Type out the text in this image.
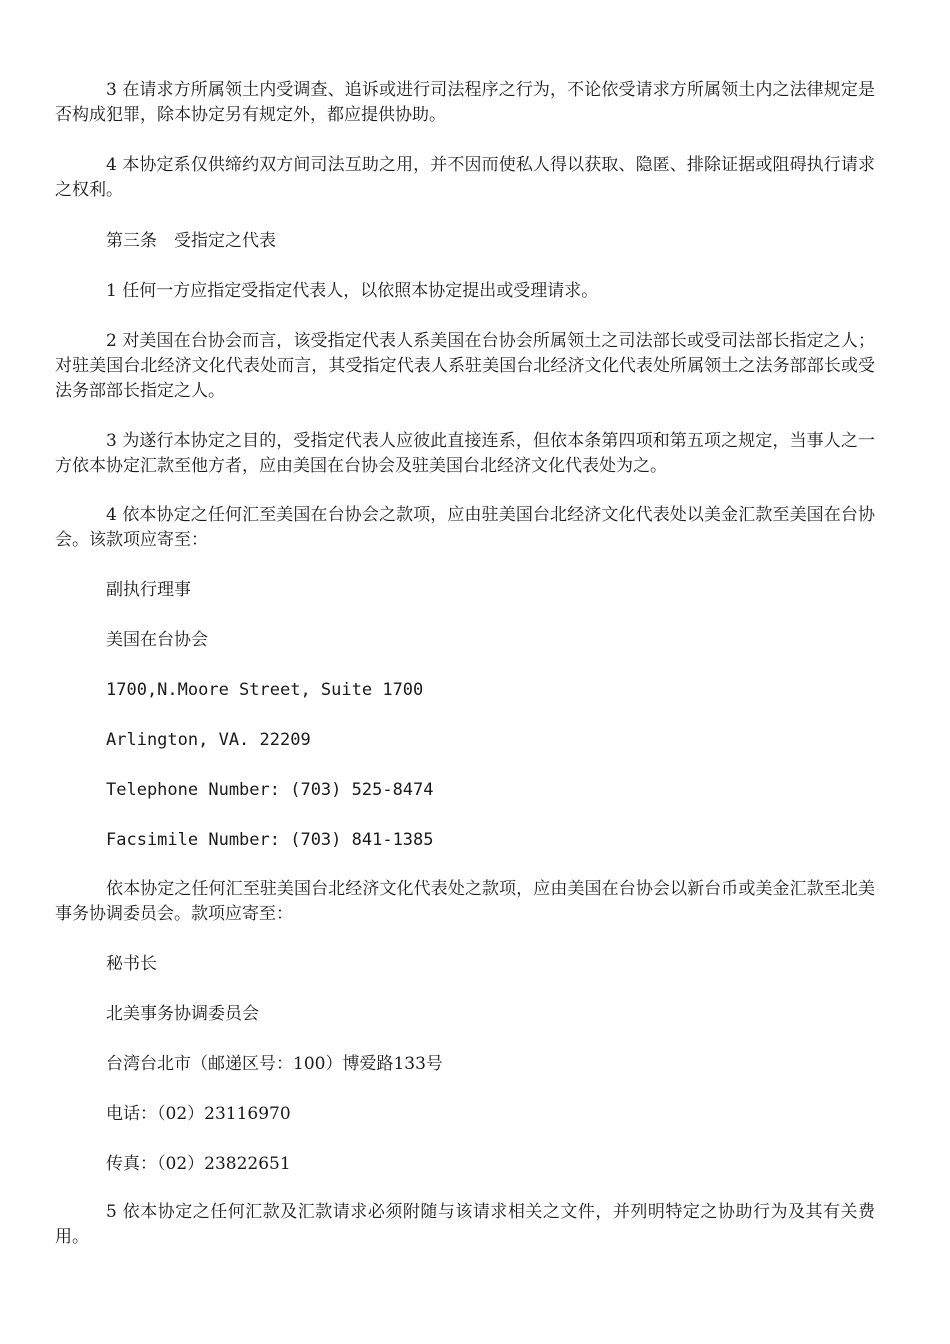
3 在请求方所属领土内受调查、追诉或进行司法程序之行为，不论依受请求方所属领土内之法律规定是否构成犯罪，除本协定另有规定外，都应提供协助。

4 本协定系仅供缔约双方间司法互助之用，并不因而使私人得以获取、隐匿、排除证据或阻碍执行请求之权利。

第三条　受指定之代表

1 任何一方应指定受指定代表人，以依照本协定提出或受理请求。

2 对美国在台协会而言，该受指定代表人系美国在台协会所属领土之司法部长或受司法部长指定之人；对驻美国台北经济文化代表处而言，其受指定代表人系驻美国台北经济文化代表处所属领土之法务部部长或受法务部部长指定之人。

3 为遂行本协定之目的，受指定代表人应彼此直接连系，但依本条第四项和第五项之规定，当事人之一方依本协定汇款至他方者，应由美国在台协会及驻美国台北经济文化代表处为之。

4 依本协定之任何汇至美国在台协会之款项，应由驻美国台北经济文化代表处以美金汇款至美国在台协会。该款项应寄至：

副执行理事

美国在台协会

1700,N.Moore Street, Suite 1700

Arlington, VA. 22209

Telephone Number: (703) 525-8474

Facsimile Number: (703) 841-1385

依本协定之任何汇至驻美国台北经济文化代表处之款项，应由美国在台协会以新台币或美金汇款至北美事务协调委员会。款项应寄至：

秘书长

北美事务协调委员会

台湾台北市（邮递区号：100）博爱路133号

电话：（02）23116970

传真：（02）23822651

5 依本协定之任何汇款及汇款请求必须附随与该请求相关之文件，并列明特定之协助行为及其有关费用。
